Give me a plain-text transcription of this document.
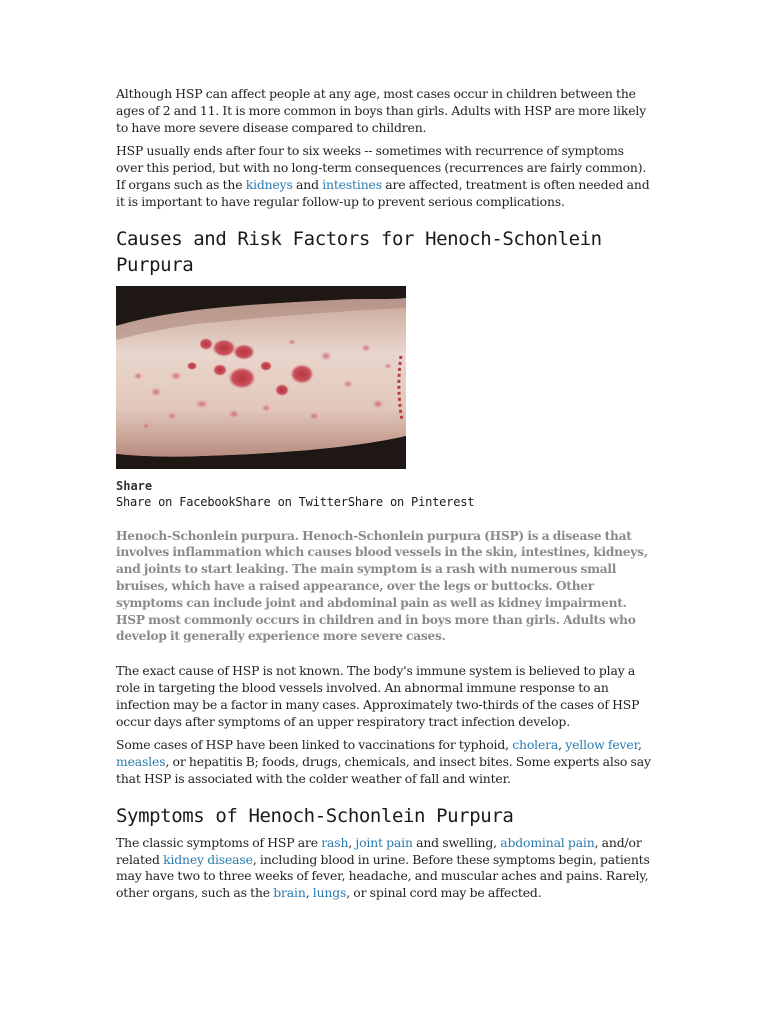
Although HSP can affect people at any age, most cases occur in children between the ages of 2 and 11. It is more common in boys than girls. Adults with HSP are more likely to have more severe disease compared to children.

HSP usually ends after four to six weeks -- sometimes with recurrence of symptoms over this period, but with no long-term consequences (recurrences are fairly common). If organs such as the kidneys and intestines are affected, treatment is often needed and it is important to have regular follow-up to prevent serious complications.

Causes and Risk Factors for Henoch-Schonlein Purpura
Share
Share on FacebookShare on TwitterShare on Pinterest

Henoch-Schonlein purpura. Henoch-Schonlein purpura (HSP) is a disease that involves inflammation which causes blood vessels in the skin, intestines, kidneys, and joints to start leaking. The main symptom is a rash with numerous small bruises, which have a raised appearance, over the legs or buttocks. Other symptoms can include joint and abdominal pain as well as kidney impairment. HSP most commonly occurs in children and in boys more than girls. Adults who develop it generally experience more severe cases.

The exact cause of HSP is not known. The body's immune system is believed to play a role in targeting the blood vessels involved. An abnormal immune response to an infection may be a factor in many cases. Approximately two-thirds of the cases of HSP occur days after symptoms of an upper respiratory tract infection develop.

Some cases of HSP have been linked to vaccinations for typhoid, cholera, yellow fever, measles, or hepatitis B; foods, drugs, chemicals, and insect bites. Some experts also say that HSP is associated with the colder weather of fall and winter.

Symptoms of Henoch-Schonlein Purpura

The classic symptoms of HSP are rash, joint pain and swelling, abdominal pain, and/or related kidney disease, including blood in urine. Before these symptoms begin, patients may have two to three weeks of fever, headache, and muscular aches and pains. Rarely, other organs, such as the brain, lungs, or spinal cord may be affected.
